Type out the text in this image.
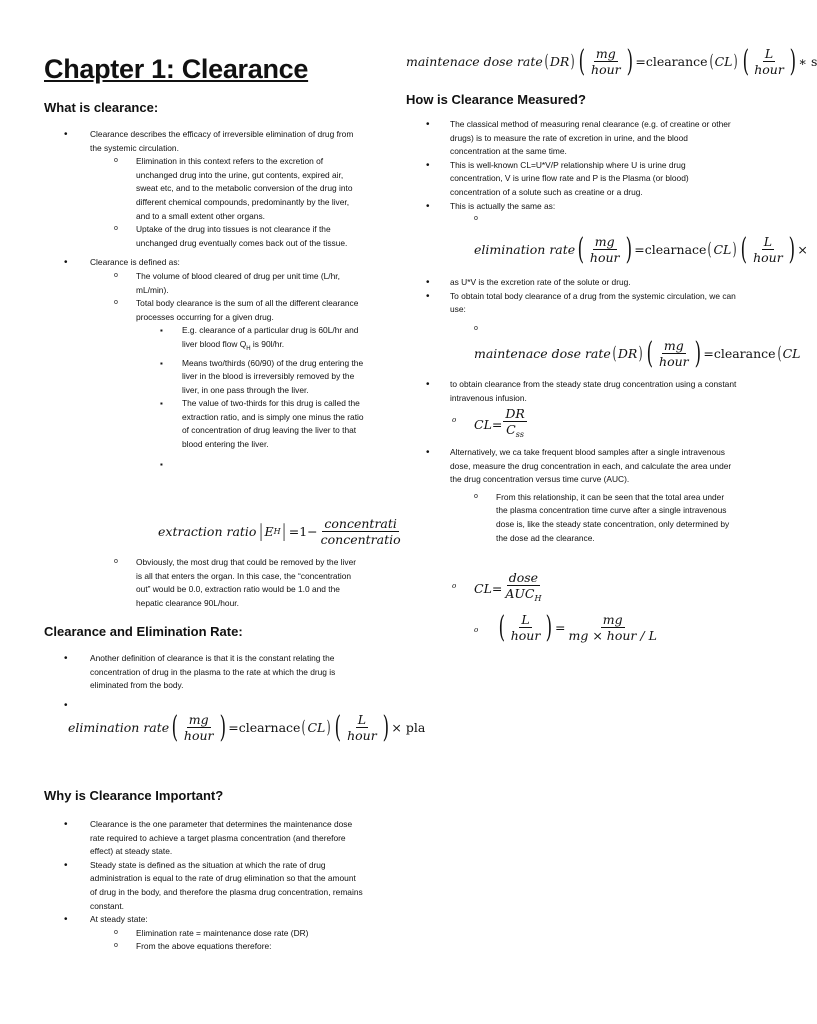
Chapter 1: Clearance
What is clearance:
• Clearance describes the efficacy of irreversible elimination of drug from the systemic circulation.
o Elimination in this context refers to the excretion of unchanged drug into the urine, gut contents, expired air, sweat etc, and to the metabolic conversion of the drug into different chemical compounds, predominantly by the liver, and to a small extent other organs.
o Uptake of the drug into tissues is not clearance if the unchanged drug eventually comes back out of the tissue.
• Clearance is defined as:
o The volume of blood cleared of drug per unit time (L/hr, mL/min).
o Total body clearance is the sum of all the different clearance processes occurring for a given drug.
▪ E.g. clearance of a particular drug is 60L/hr and liver blood flow $Q_H$ is 90l/hr.
▪ Means two/thirds (60/90) of the drug entering the liver in the blood is irreversibly removed by the liver, in one pass through the liver.
▪ The value of two-thirds for this drug is called the extraction ratio, and is simply one minus the ratio of concentration of drug leaving the liver to that blood entering the liver.
▪
extraction ratio | E H | =1−
concentrati
concentratio
o Obviously, the most drug that could be removed by the liver is all that enters the organ. In this case, the “concentration out” would be 0.0, extraction ratio would be 1.0 and the hepatic clearance 90L/hour.
Clearance and Elimination Rate:
• Another definition of clearance is that it is the constant relating the concentration of drug in the plasma to the rate at which the drug is eliminated from the body.
•
elimination rate ( mg
hour ) =clearnace ( CL ) ( L
hour ) × pla
Why is Clearance Important?
• Clearance is the one parameter that determines the maintenance dose rate required to achieve a target plasma concentration (and therefore effect) at steady state.
• Steady state is defined as the situation at which the rate of drug administration is equal to the rate of drug elimination so that the amount of drug in the body, and therefore the plasma drug concentration, remains constant.
• At steady state:
o Elimination rate = maintenance dose rate (DR)
o From the above equations therefore:
maintenace dose rate ( DR ) ( mg
hour ) =clearance ( CL ) ( L
hour ) ∗ s
How is Clearance Measured?
• The classical method of measuring renal clearance (e.g. of creatine or other drugs) is to measure the rate of excretion in urine, and the blood concentration at the same time.
• This is well-known CL=U*V/P relationship where U is urine drug concentration, V is urine flow rate and P is the Plasma (or blood) concentration of a solute such as creatine or a drug.
• This is actually the same as:
o
elimination rate ( mg
hour ) =clearnace ( CL ) ( L
hour ) ×
• as U*V is the excretion rate of the solute or drug.
• To obtain total body clearance of a drug from the systemic circulation, we can use:
o
maintenace dose rate ( DR ) ( mg
hour ) =clearance ( CL
• to obtain clearance from the steady state drug concentration using a constant intravenous infusion.
o CL=
DR
$C_{ss}$
• Alternatively, we ca take frequent blood samples after a single intravenous dose, measure the drug concentration in each, and calculate the area under the drug concentration versus time curve (AUC).
o From this relationship, it can be seen that the total area under the plasma concentration time curve after a single intravenous dose is, like the steady state concentration, only determined by the dose ad the clearance.
o CL=
dose
$AUC_H$
o ( L
hour ) =
mg
mg × hour / L
